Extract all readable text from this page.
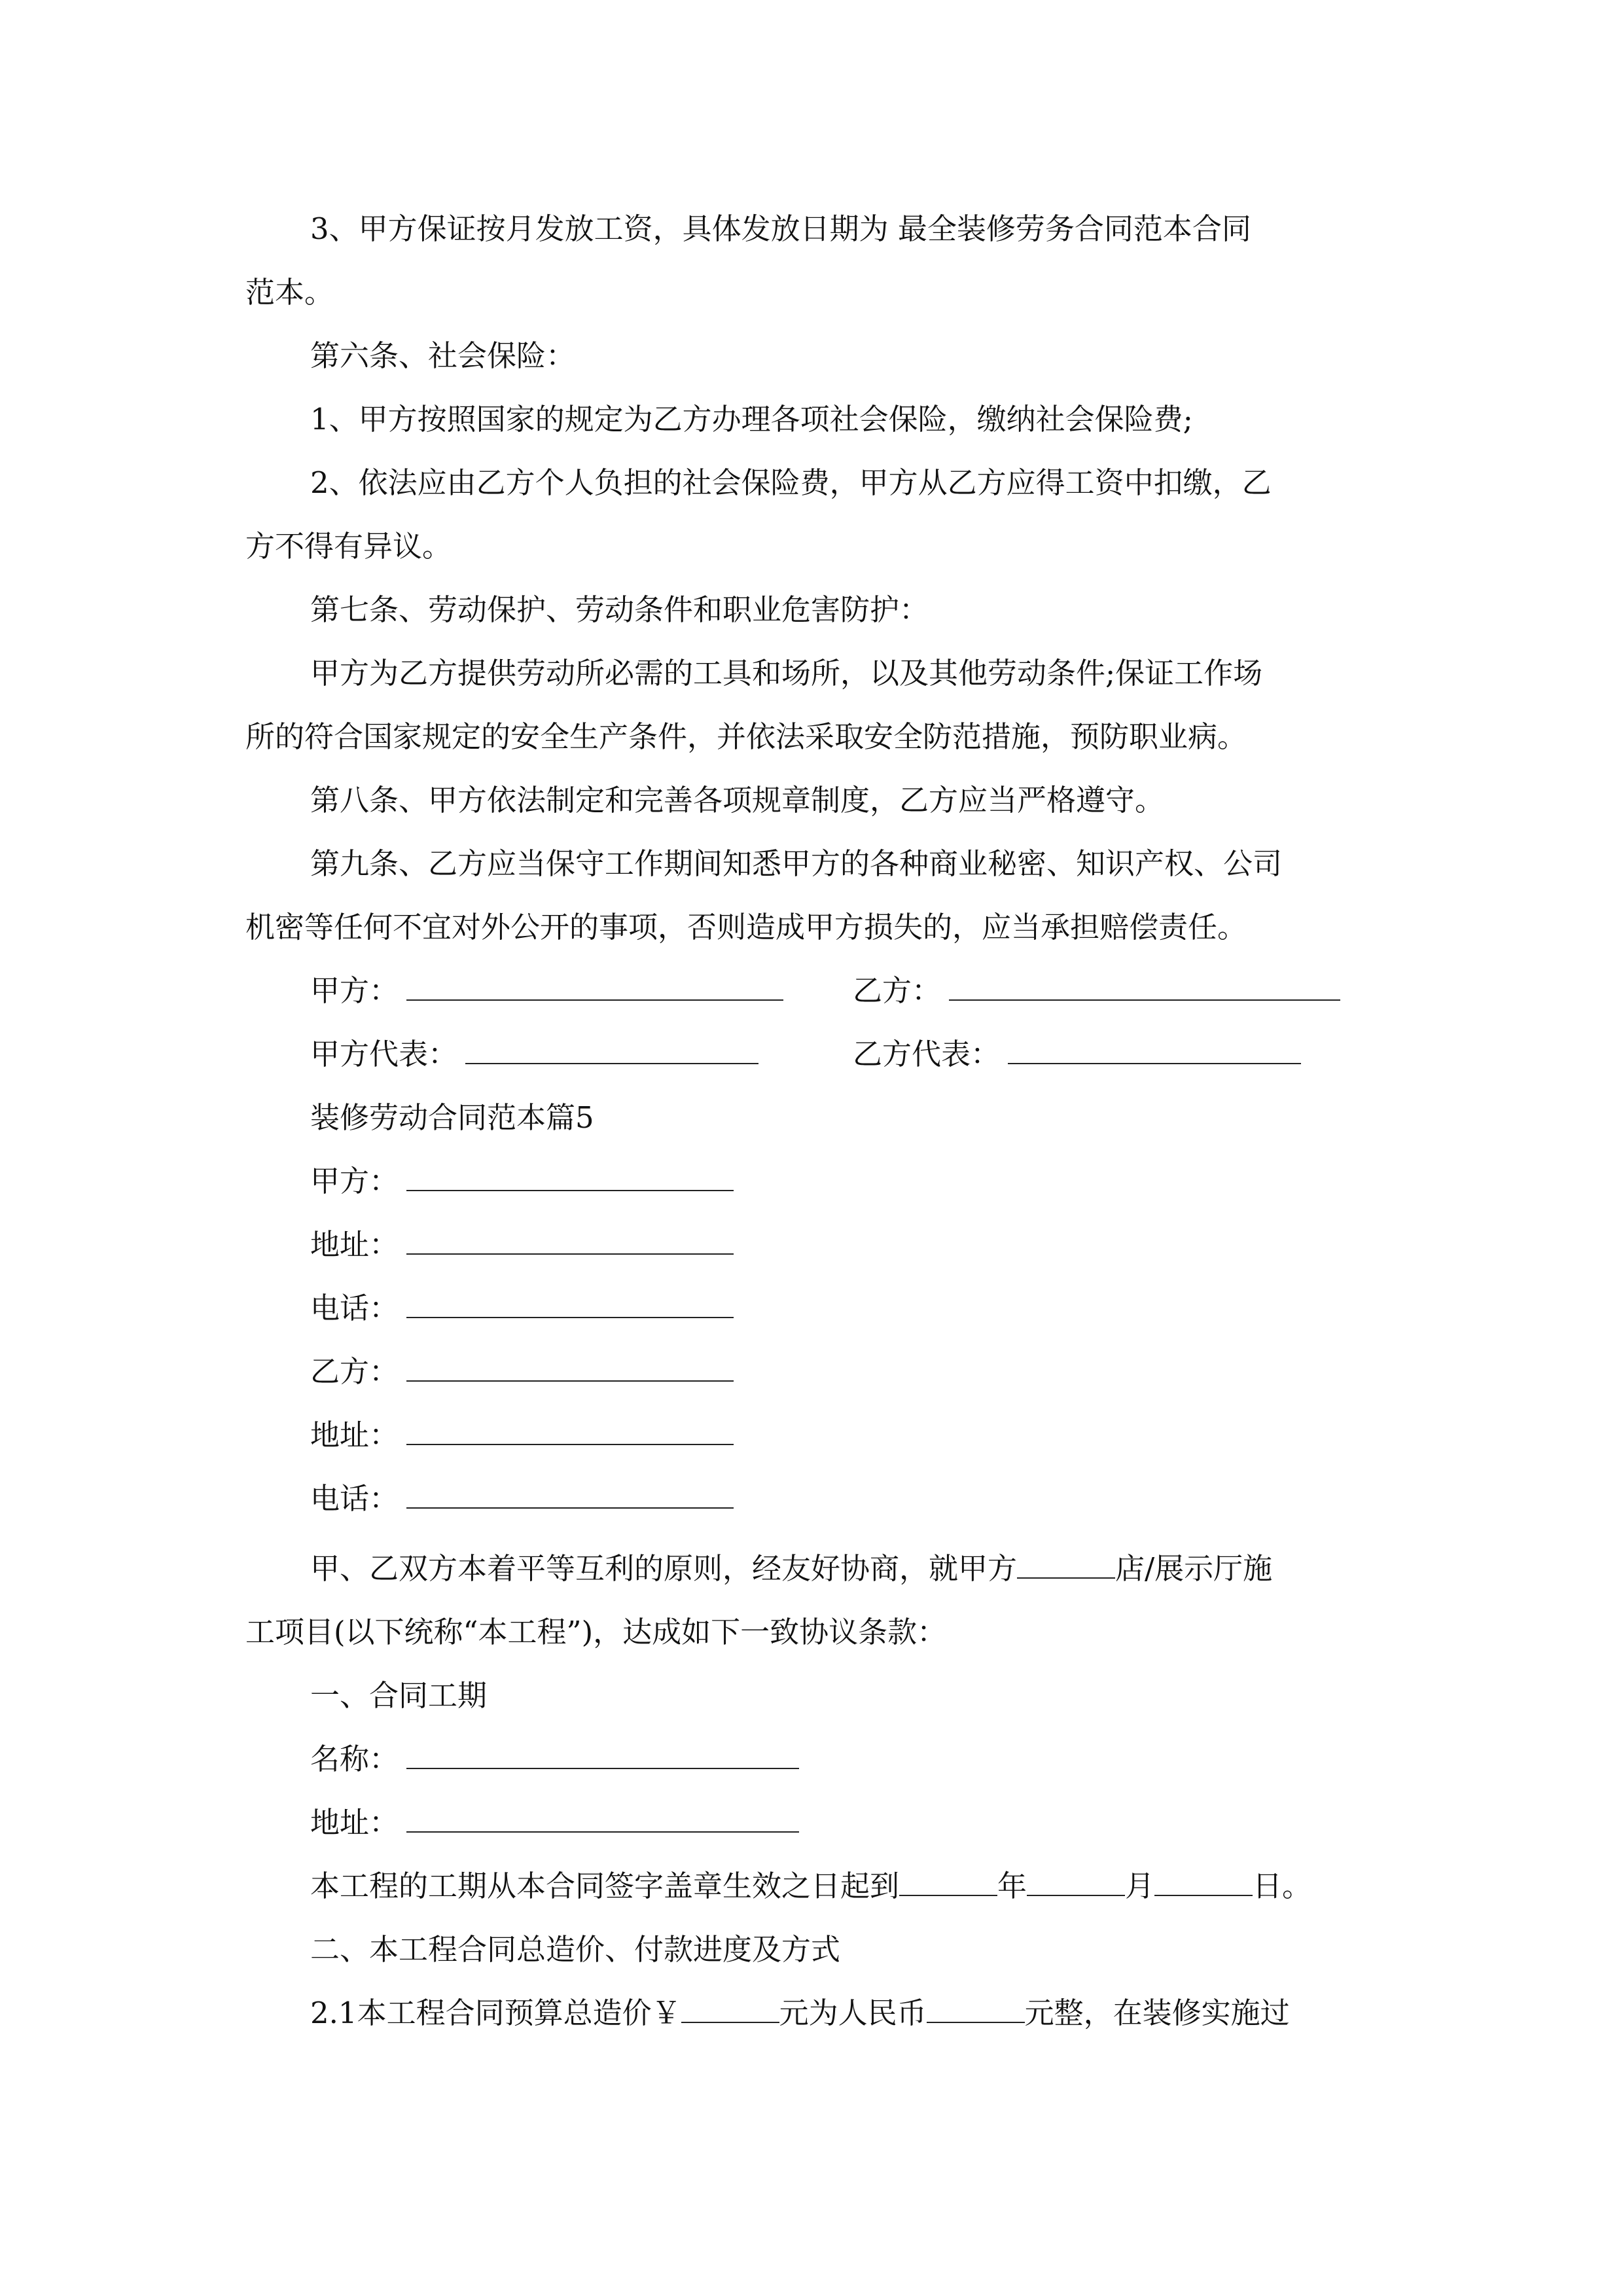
3、甲方保证按月发放工资，具体发放日期为 最全装修劳务合同范本合同
范本。
第六条、社会保险：
1、甲方按照国家的规定为乙方办理各项社会保险，缴纳社会保险费;
2、依法应由乙方个人负担的社会保险费，甲方从乙方应得工资中扣缴，乙
方不得有异议。
第七条、劳动保护、劳动条件和职业危害防护：
甲方为乙方提供劳动所必需的工具和场所，以及其他劳动条件;保证工作场
所的符合国家规定的安全生产条件，并依法采取安全防范措施，预防职业病。
第八条、甲方依法制定和完善各项规章制度，乙方应当严格遵守。
第九条、乙方应当保守工作期间知悉甲方的各种商业秘密、知识产权、公司
机密等任何不宜对外公开的事项，否则造成甲方损失的，应当承担赔偿责任。
甲方：	乙方：
甲方代表：	乙方代表：
装修劳动合同范本篇5
甲方：
地址：
电话：
乙方：
地址：
电话：
甲、乙双方本着平等互利的原则，经友好协商，就甲方	店/展示厅施
工项目(以下统称“本工程”)，达成如下一致协议条款：
一、合同工期
名称：
地址：
本工程的工期从本合同签字盖章生效之日起到	年	月	日。
二、本工程合同总造价、付款进度及方式
2.1本工程合同预算总造价￥	元为人民币	元整，在装修实施过
